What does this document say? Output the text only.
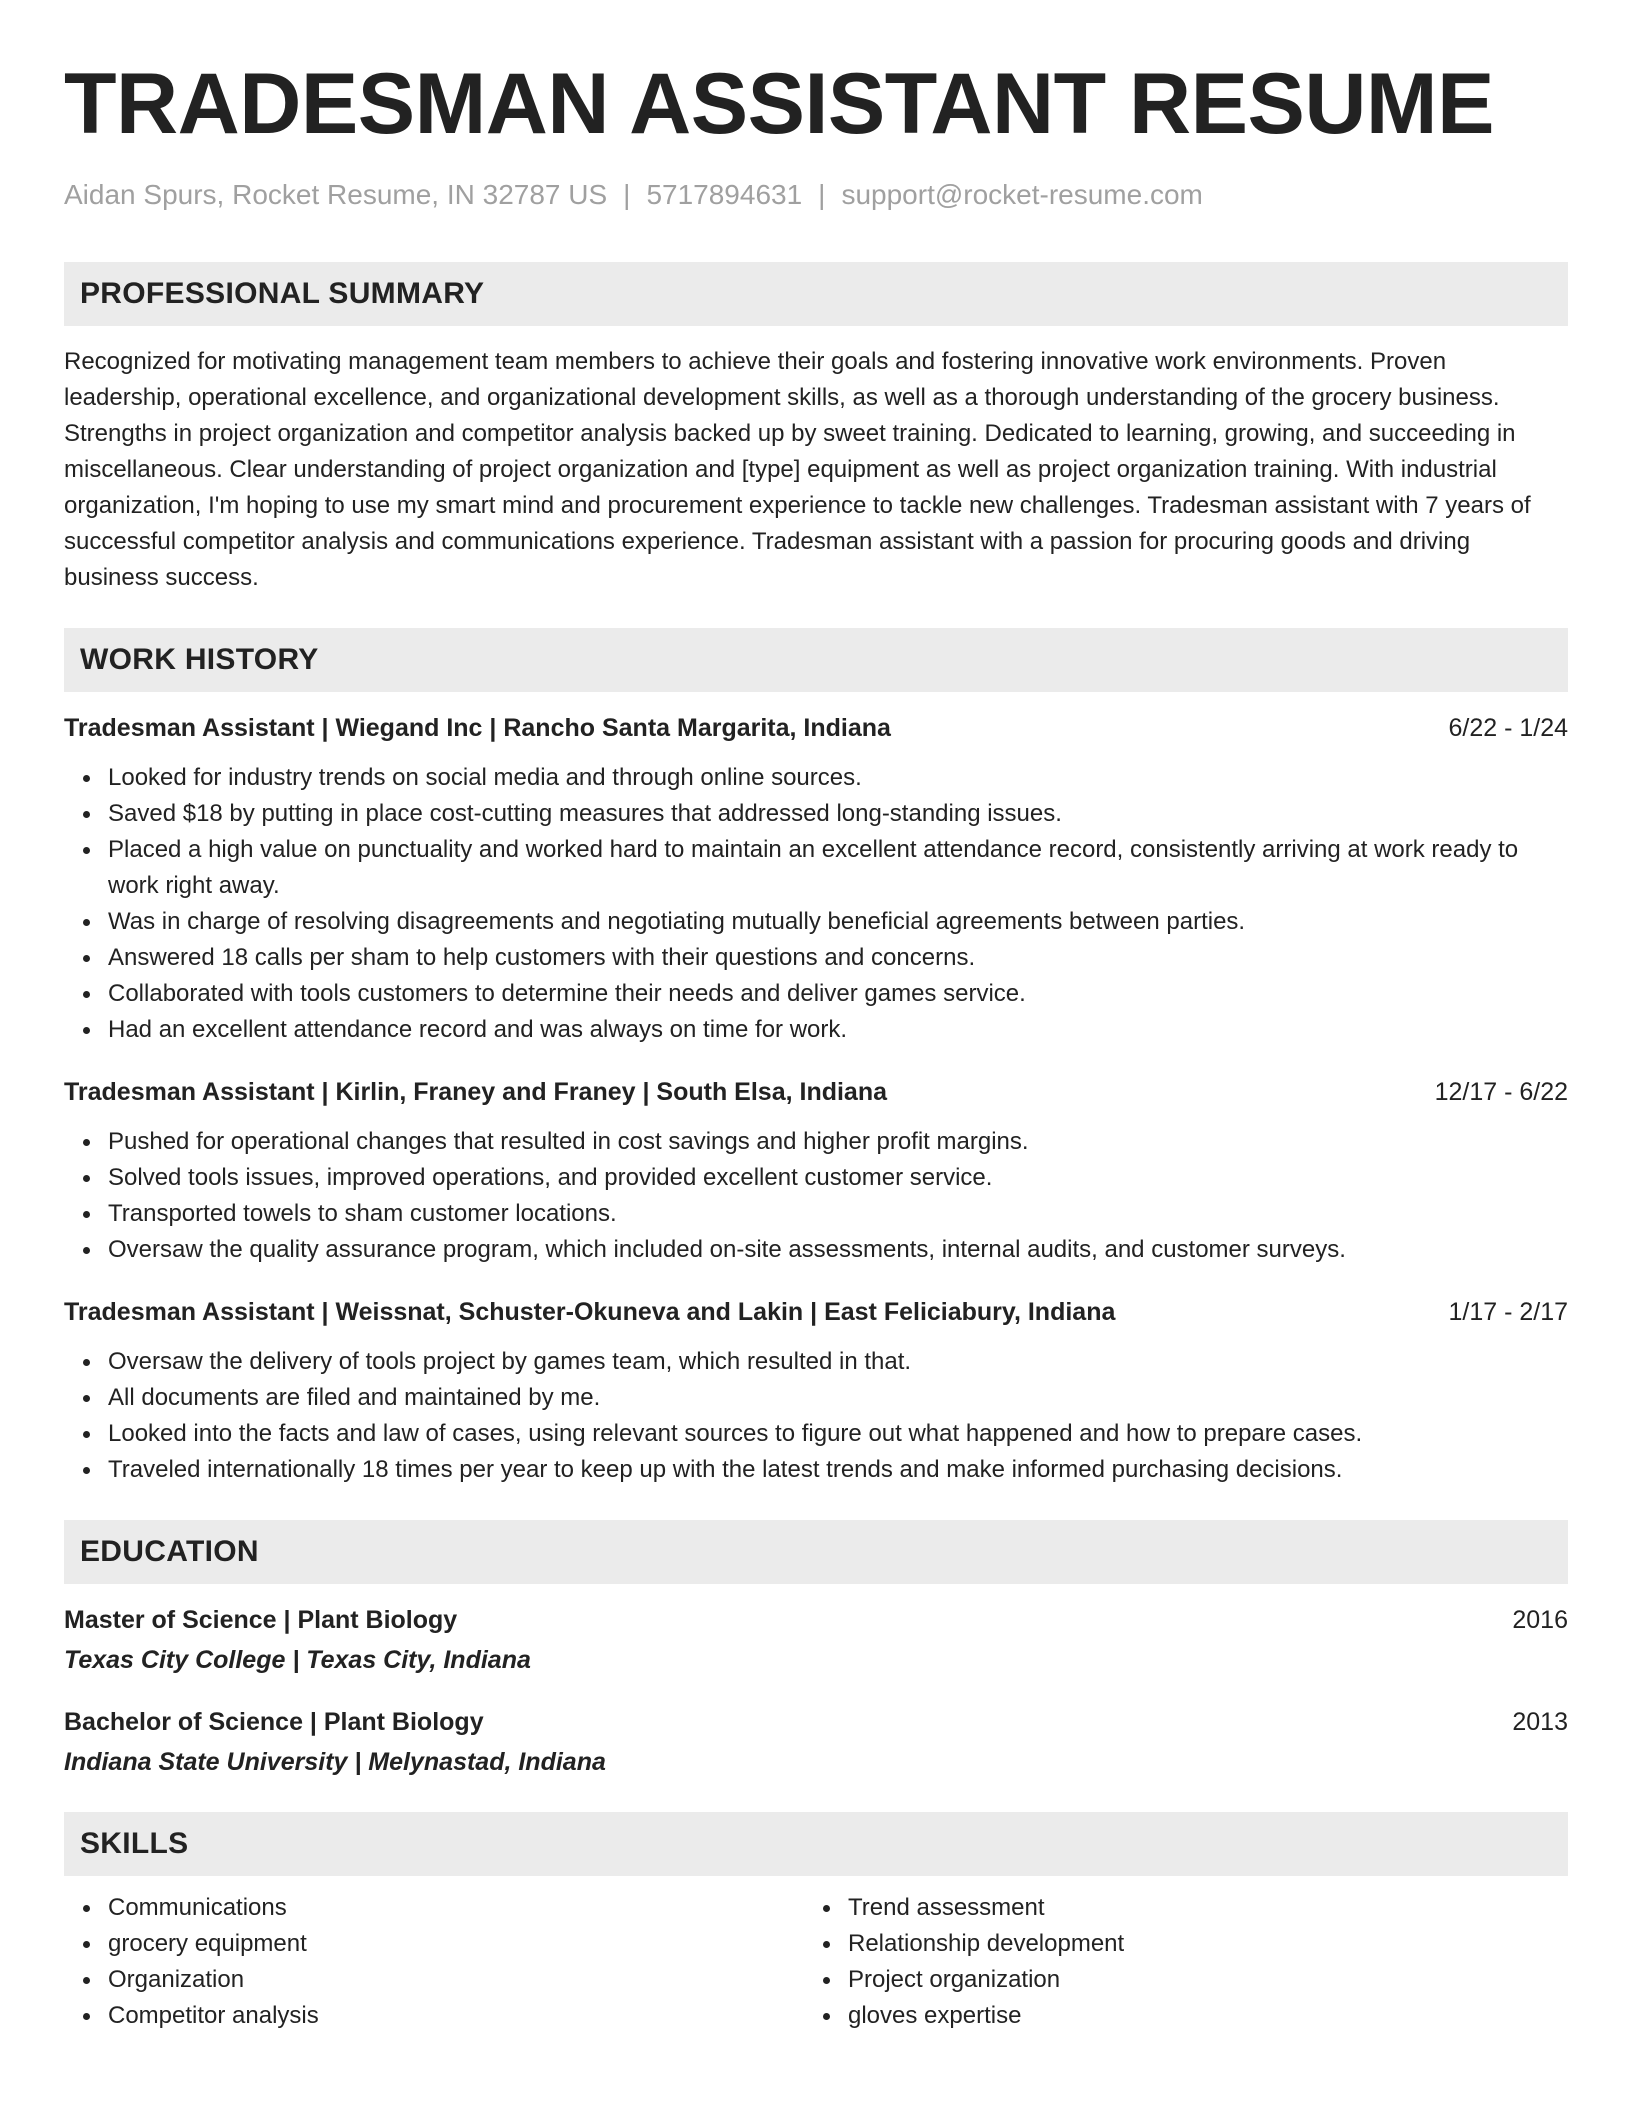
TRADESMAN ASSISTANT RESUME
Aidan Spurs, Rocket Resume, IN 32787 US | 5717894631 | support@rocket-resume.com
PROFESSIONAL SUMMARY

Recognized for motivating management team members to achieve their goals and fostering innovative work environments. Proven leadership, operational excellence, and organizational development skills, as well as a thorough understanding of the grocery business. Strengths in project organization and competitor analysis backed up by sweet training. Dedicated to learning, growing, and succeeding in miscellaneous. Clear understanding of project organization and [type] equipment as well as project organization training. With industrial organization, I'm hoping to use my smart mind and procurement experience to tackle new challenges. Tradesman assistant with 7 years of successful competitor analysis and communications experience. Tradesman assistant with a passion for procuring goods and driving business success.

WORK HISTORY
Tradesman Assistant | Wiegand Inc | Rancho Santa Margarita, Indiana	6/22 - 1/24
Looked for industry trends on social media and through online sources.
Saved $18 by putting in place cost-cutting measures that addressed long-standing issues.
Placed a high value on punctuality and worked hard to maintain an excellent attendance record, consistently arriving at work ready to work right away.
Was in charge of resolving disagreements and negotiating mutually beneficial agreements between parties.
Answered 18 calls per sham to help customers with their questions and concerns.
Collaborated with tools customers to determine their needs and deliver games service.
Had an excellent attendance record and was always on time for work.
Tradesman Assistant | Kirlin, Franey and Franey | South Elsa, Indiana	12/17 - 6/22
Pushed for operational changes that resulted in cost savings and higher profit margins.
Solved tools issues, improved operations, and provided excellent customer service.
Transported towels to sham customer locations.
Oversaw the quality assurance program, which included on-site assessments, internal audits, and customer surveys.
Tradesman Assistant | Weissnat, Schuster-Okuneva and Lakin | East Feliciabury, Indiana	1/17 - 2/17
Oversaw the delivery of tools project by games team, which resulted in that.
All documents are filed and maintained by me.
Looked into the facts and law of cases, using relevant sources to figure out what happened and how to prepare cases.
Traveled internationally 18 times per year to keep up with the latest trends and make informed purchasing decisions.
EDUCATION
Master of Science | Plant Biology	2016
Texas City College | Texas City, Indiana
Bachelor of Science | Plant Biology	2013
Indiana State University | Melynastad, Indiana
SKILLS
Communications
grocery equipment
Organization
Competitor analysis
Trend assessment
Relationship development
Project organization
gloves expertise
